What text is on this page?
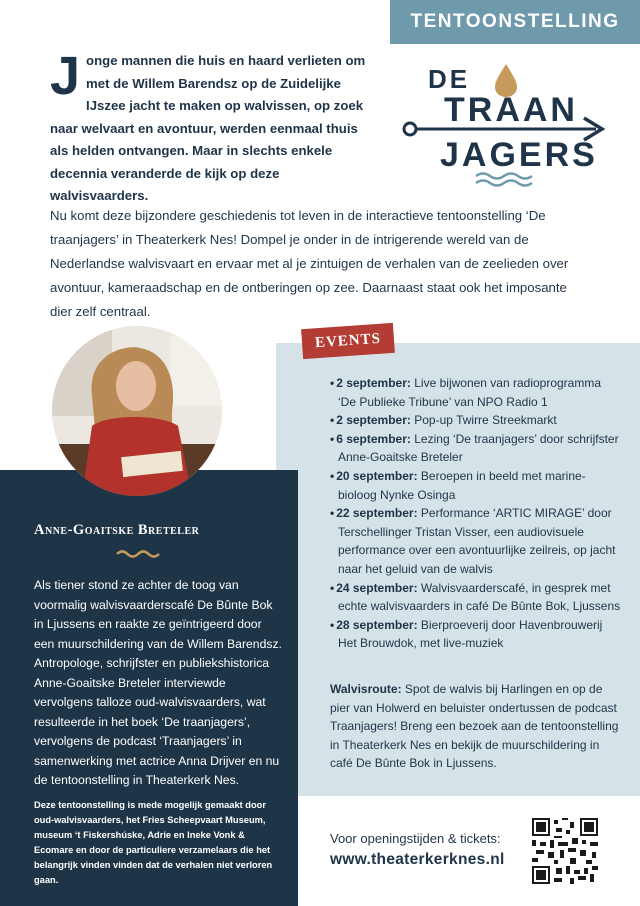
TENTOONSTELLING
J onge mannen die huis en haard verlieten om met de Willem Barendsz op de Zuidelijke IJszee jacht te maken op walvissen, op zoek naar welvaart en avontuur, werden eenmaal thuis als helden ontvangen. Maar in slechts enkele decennia veranderde de kijk op deze walvisvaarders.
DE
TRAAN
JAGERS
Nu komt deze bijzondere geschiedenis tot leven in de interactieve tentoonstelling ‘De traanjagers’ in Theaterkerk Nes! Dompel je onder in de intrigerende wereld van de Nederlandse walvisvaart en ervaar met al je zintuigen de verhalen van de zeelieden over avontuur, kameraadschap en de ontberingen op zee. Daarnaast staat ook het imposante dier zelf centraal.
EVENTS
• 2 september: Live bijwonen van radioprogramma ‘De Publieke Tribune’ van NPO Radio 1
• 2 september: Pop-up Twirre Streekmarkt
• 6 september: Lezing ‘De traanjagers’ door schrijfster Anne-Goaitske Breteler
• 20 september: Beroepen in beeld met marine-bioloog Nynke Osinga
• 22 september: Performance ‘ARTIC MIRAGE’ door Terschellinger Tristan Visser, een audiovisuele performance over een avontuurlijke zeilreis, op jacht naar het geluid van de walvis
• 24 september: Walvisvaarderscafé, in gesprek met echte walvisvaarders in café De Bûnte Bok, Ljussens
• 28 september: Bierproeverij door Havenbrouwerij Het Brouwdok, met live-muziek
Walvisroute: Spot de walvis bij Harlingen en op de pier van Holwerd en beluister ondertussen de podcast Traanjagers! Breng een bezoek aan de tentoonstelling in Theaterkerk Nes en bekijk de muurschildering in café De Bûnte Bok in Ljussens.
Anne-Goaitske Breteler
Als tiener stond ze achter de toog van voormalig walvisvaarderscafé De Bûnte Bok in Ljussens en raakte ze geïntrigeerd door een muurschildering van de Willem Barendsz. Antropologe, schrijfster en publiekshistorica Anne-Goaitske Breteler interviewde vervolgens talloze oud-walvisvaarders, wat resulteerde in het boek ‘De traanjagers’, vervolgens de podcast ‘Traanjagers’ in samenwerking met actrice Anna Drijver en nu de tentoonstelling in Theaterkerk Nes.
Deze tentoonstelling is mede mogelijk gemaakt door oud-walvisvaarders, het Fries Scheepvaart Museum, museum ‘t Fiskershúske, Adrie en Ineke Vonk & Ecomare en door de particuliere verzamelaars die het belangrijk vinden vinden dat de verhalen niet verloren gaan.
Voor openingstijden & tickets:
www.theaterkerknes.nl
